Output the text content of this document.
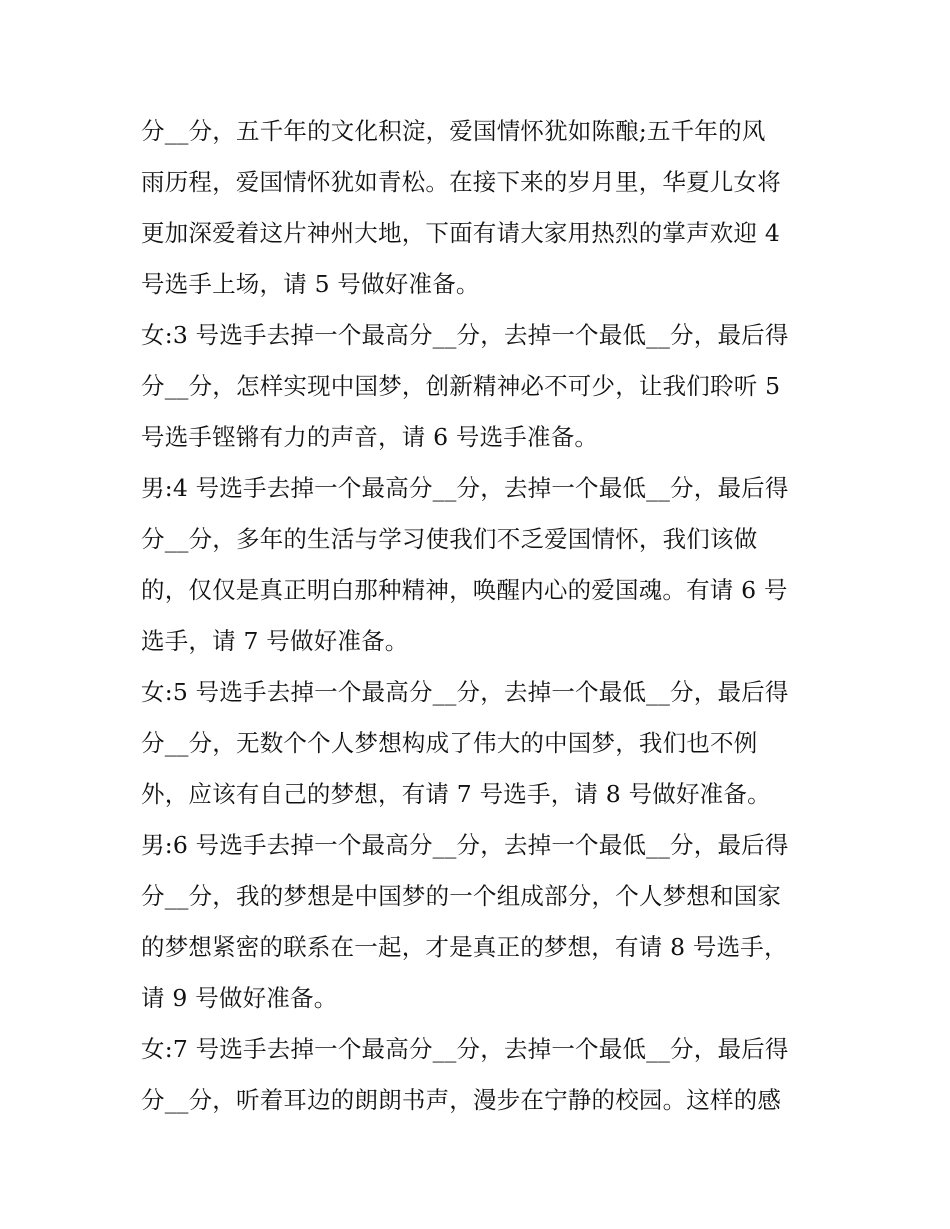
分__分，五千年的文化积淀，爱国情怀犹如陈酿;五千年的风
雨历程，爱国情怀犹如青松。在接下来的岁月里，华夏儿女将
更加深爱着这片神州大地，下面有请大家用热烈的掌声欢迎 4
号选手上场，请 5 号做好准备。
女:3 号选手去掉一个最高分__分，去掉一个最低__分，最后得
分__分，怎样实现中国梦，创新精神必不可少，让我们聆听 5
号选手铿锵有力的声音，请 6 号选手准备。
男:4 号选手去掉一个最高分__分，去掉一个最低__分，最后得
分__分，多年的生活与学习使我们不乏爱国情怀，我们该做
的，仅仅是真正明白那种精神，唤醒内心的爱国魂。有请 6 号
选手，请 7 号做好准备。
女:5 号选手去掉一个最高分__分，去掉一个最低__分，最后得
分__分，无数个个人梦想构成了伟大的中国梦，我们也不例
外，应该有自己的梦想，有请 7 号选手，请 8 号做好准备。
男:6 号选手去掉一个最高分__分，去掉一个最低__分，最后得
分__分，我的梦想是中国梦的一个组成部分，个人梦想和国家
的梦想紧密的联系在一起，才是真正的梦想，有请 8 号选手，
请 9 号做好准备。
女:7 号选手去掉一个最高分__分，去掉一个最低__分，最后得
分__分，听着耳边的朗朗书声，漫步在宁静的校园。这样的感
